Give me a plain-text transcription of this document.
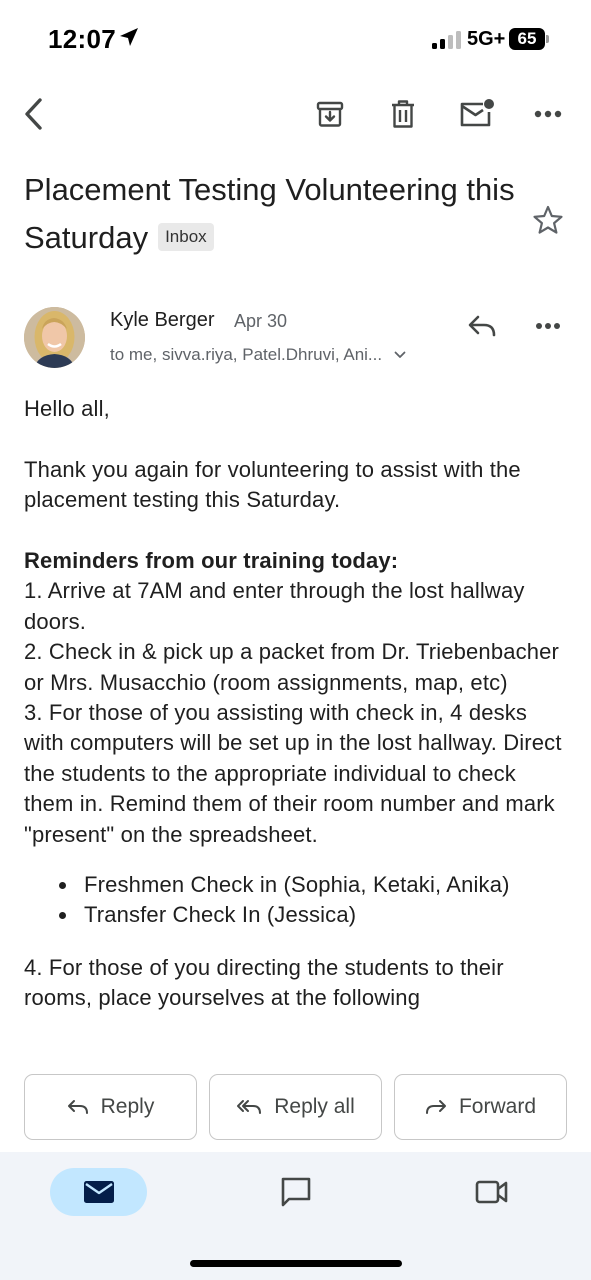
12:07	5G+ 65
Placement Testing Volunteering this Saturday Inbox
Kyle Berger Apr 30
to me, sivva.riya, Patel.Dhruvi, Ani...

Hello all,

Thank you again for volunteering to assist with the placement testing this Saturday.

Reminders from our training today:

1. Arrive at 7AM and enter through the lost hallway doors.

2. Check in & pick up a packet from Dr. Triebenbacher or Mrs. Musacchio (room assignments, map, etc)

3. For those of you assisting with check in, 4 desks with computers will be set up in the lost hallway. Direct the students to the appropriate individual to check them in. Remind them of their room number and mark "present" on the spreadsheet.

Freshmen Check in (Sophia, Ketaki, Anika)
Transfer Check In (Jessica)

4. For those of you directing the students to their rooms, place yourselves at the following

Reply	Reply all	Forward
